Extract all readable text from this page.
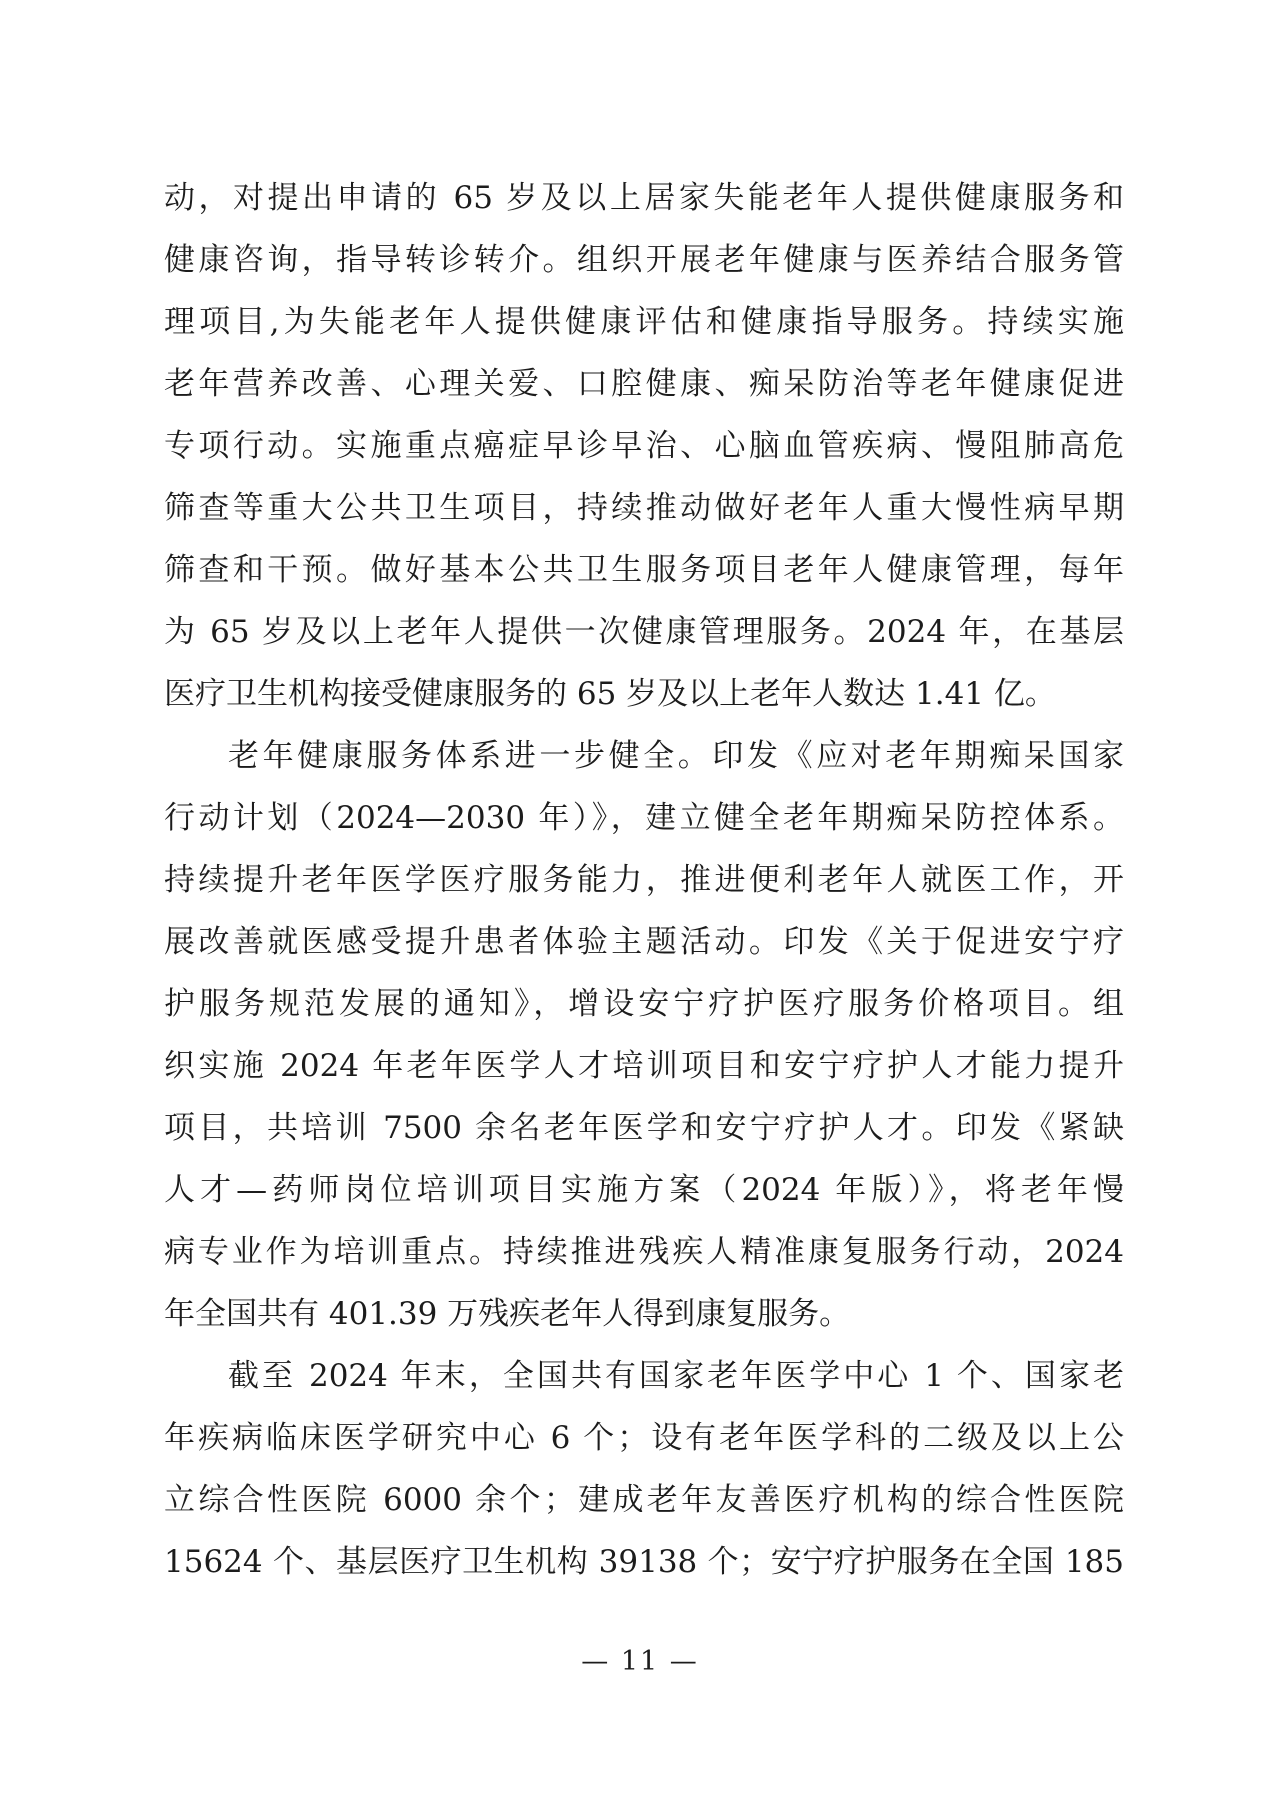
动，对提出申请的 65 岁及以上居家失能老年人提供健康服务和
健康咨询，指导转诊转介。组织开展老年健康与医养结合服务管
理项目,为失能老年人提供健康评估和健康指导服务。持续实施
老年营养改善、心理关爱、口腔健康、痴呆防治等老年健康促进
专项行动。实施重点癌症早诊早治、心脑血管疾病、慢阻肺高危
筛查等重大公共卫生项目，持续推动做好老年人重大慢性病早期
筛查和干预。做好基本公共卫生服务项目老年人健康管理，每年
为 65 岁及以上老年人提供一次健康管理服务。2024 年，在基层
医疗卫生机构接受健康服务的 65 岁及以上老年人数达 1.41 亿。
老年健康服务体系进一步健全。印发《应对老年期痴呆国家
行动计划（2024—2030 年）》，建立健全老年期痴呆防控体系。
持续提升老年医学医疗服务能力，推进便利老年人就医工作，开
展改善就医感受提升患者体验主题活动。印发《关于促进安宁疗
护服务规范发展的通知》，增设安宁疗护医疗服务价格项目。组
织实施 2024 年老年医学人才培训项目和安宁疗护人才能力提升
项目，共培训 7500 余名老年医学和安宁疗护人才。印发《紧缺
人才—药师岗位培训项目实施方案（2024 年版）》，将老年慢
病专业作为培训重点。持续推进残疾人精准康复服务行动，2024
年全国共有 401.39 万残疾老年人得到康复服务。
截至 2024 年末，全国共有国家老年医学中心 1 个、国家老
年疾病临床医学研究中心 6 个；设有老年医学科的二级及以上公
立综合性医院 6000 余个；建成老年友善医疗机构的综合性医院
15624 个、基层医疗卫生机构 39138 个；安宁疗护服务在全国 185
— 11 —
